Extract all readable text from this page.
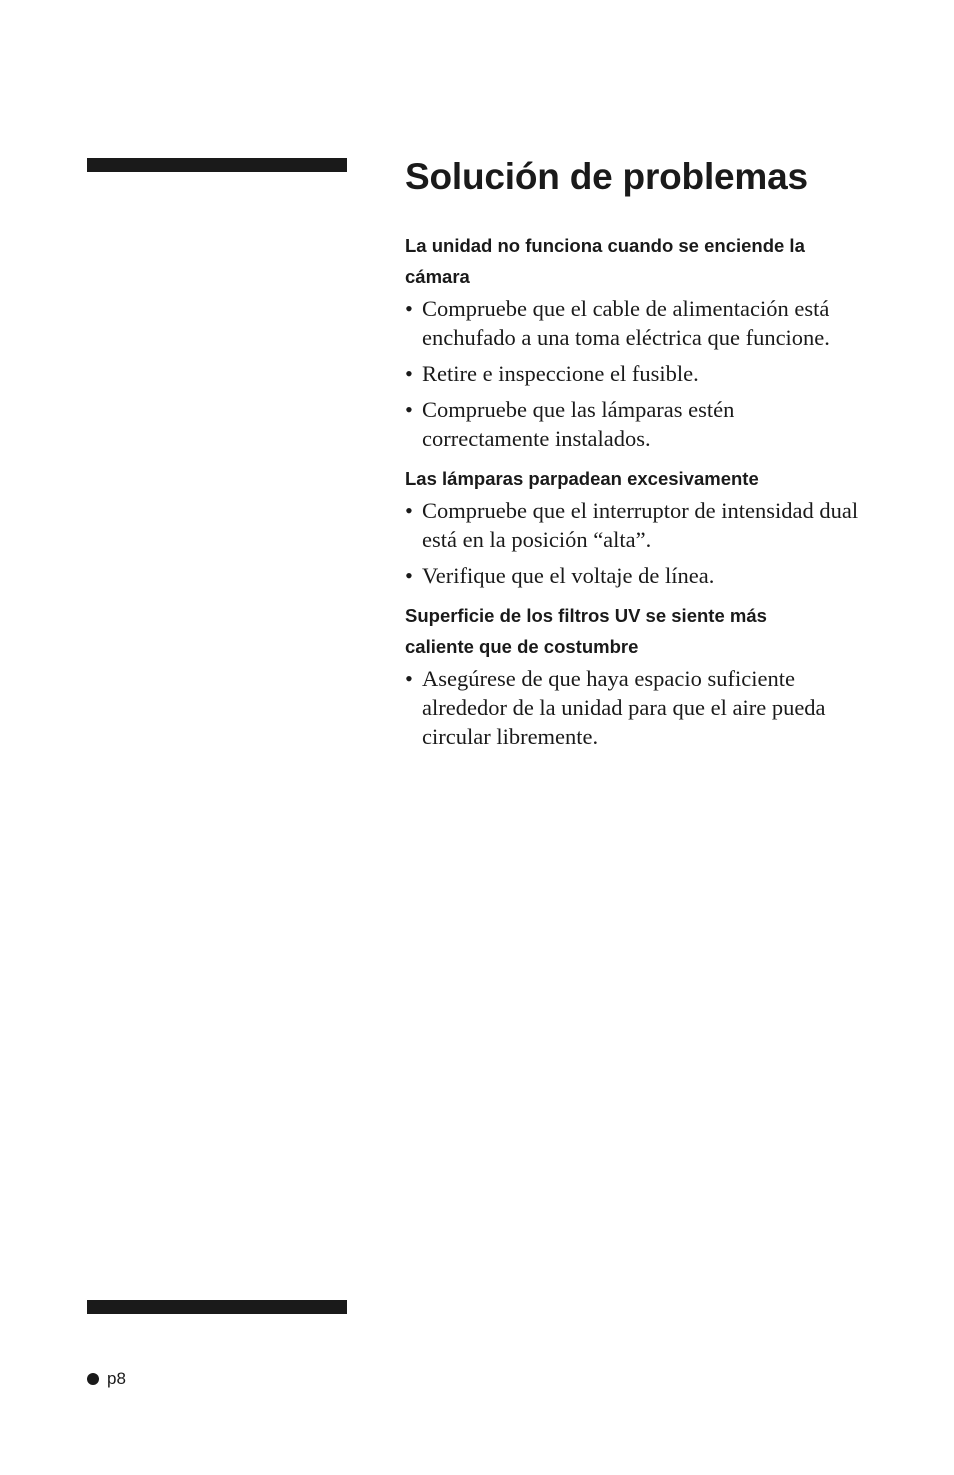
Solución de problemas
La unidad no funciona cuando se enciende la cámara
• Compruebe que el cable de alimentación está enchufado a una toma eléctrica que funcione.
• Retire e inspeccione el fusible.
• Compruebe que las lámparas estén correctamente instalados.
Las lámparas parpadean excesivamente
• Compruebe que el interruptor de intensidad dual está en la posición “alta”.
• Verifique que el voltaje de línea.
Superficie de los filtros UV se siente más caliente que de costumbre
• Asegúrese de que haya espacio suficiente alrededor de la unidad para que el aire pueda circular libremente.
p8
